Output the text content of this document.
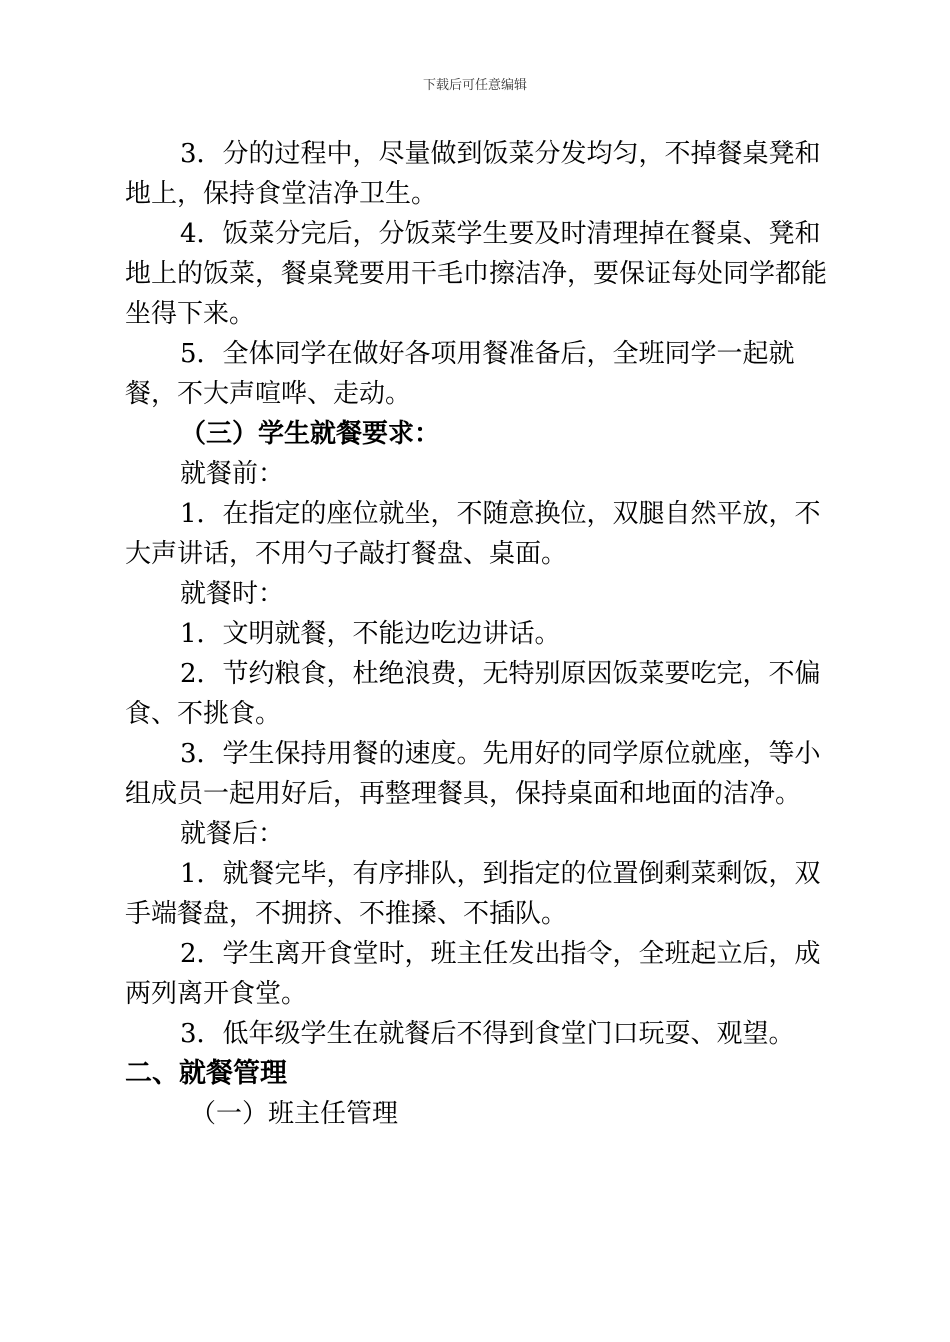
下载后可任意编辑

3．分的过程中，尽量做到饭菜分发均匀，不掉餐桌凳和地上，保持食堂洁净卫生。

4．饭菜分完后，分饭菜学生要及时清理掉在餐桌、凳和地上的饭菜，餐桌凳要用干毛巾擦洁净，要保证每处同学都能坐得下来。

5．全体同学在做好各项用餐准备后，全班同学一起就餐，不大声喧哗、走动。

（三）学生就餐要求：

就餐前：

1．在指定的座位就坐，不随意换位，双腿自然平放，不大声讲话，不用勺子敲打餐盘、桌面。

就餐时：

1．文明就餐，不能边吃边讲话。

2．节约粮食，杜绝浪费，无特别原因饭菜要吃完，不偏食、不挑食。

3．学生保持用餐的速度。先用好的同学原位就座，等小组成员一起用好后，再整理餐具，保持桌面和地面的洁净。

就餐后：

1．就餐完毕，有序排队，到指定的位置倒剩菜剩饭，双手端餐盘，不拥挤、不推搡、不插队。

2．学生离开食堂时，班主任发出指令，全班起立后，成两列离开食堂。

3．低年级学生在就餐后不得到食堂门口玩耍、观望。

二、就餐管理

（一）班主任管理
